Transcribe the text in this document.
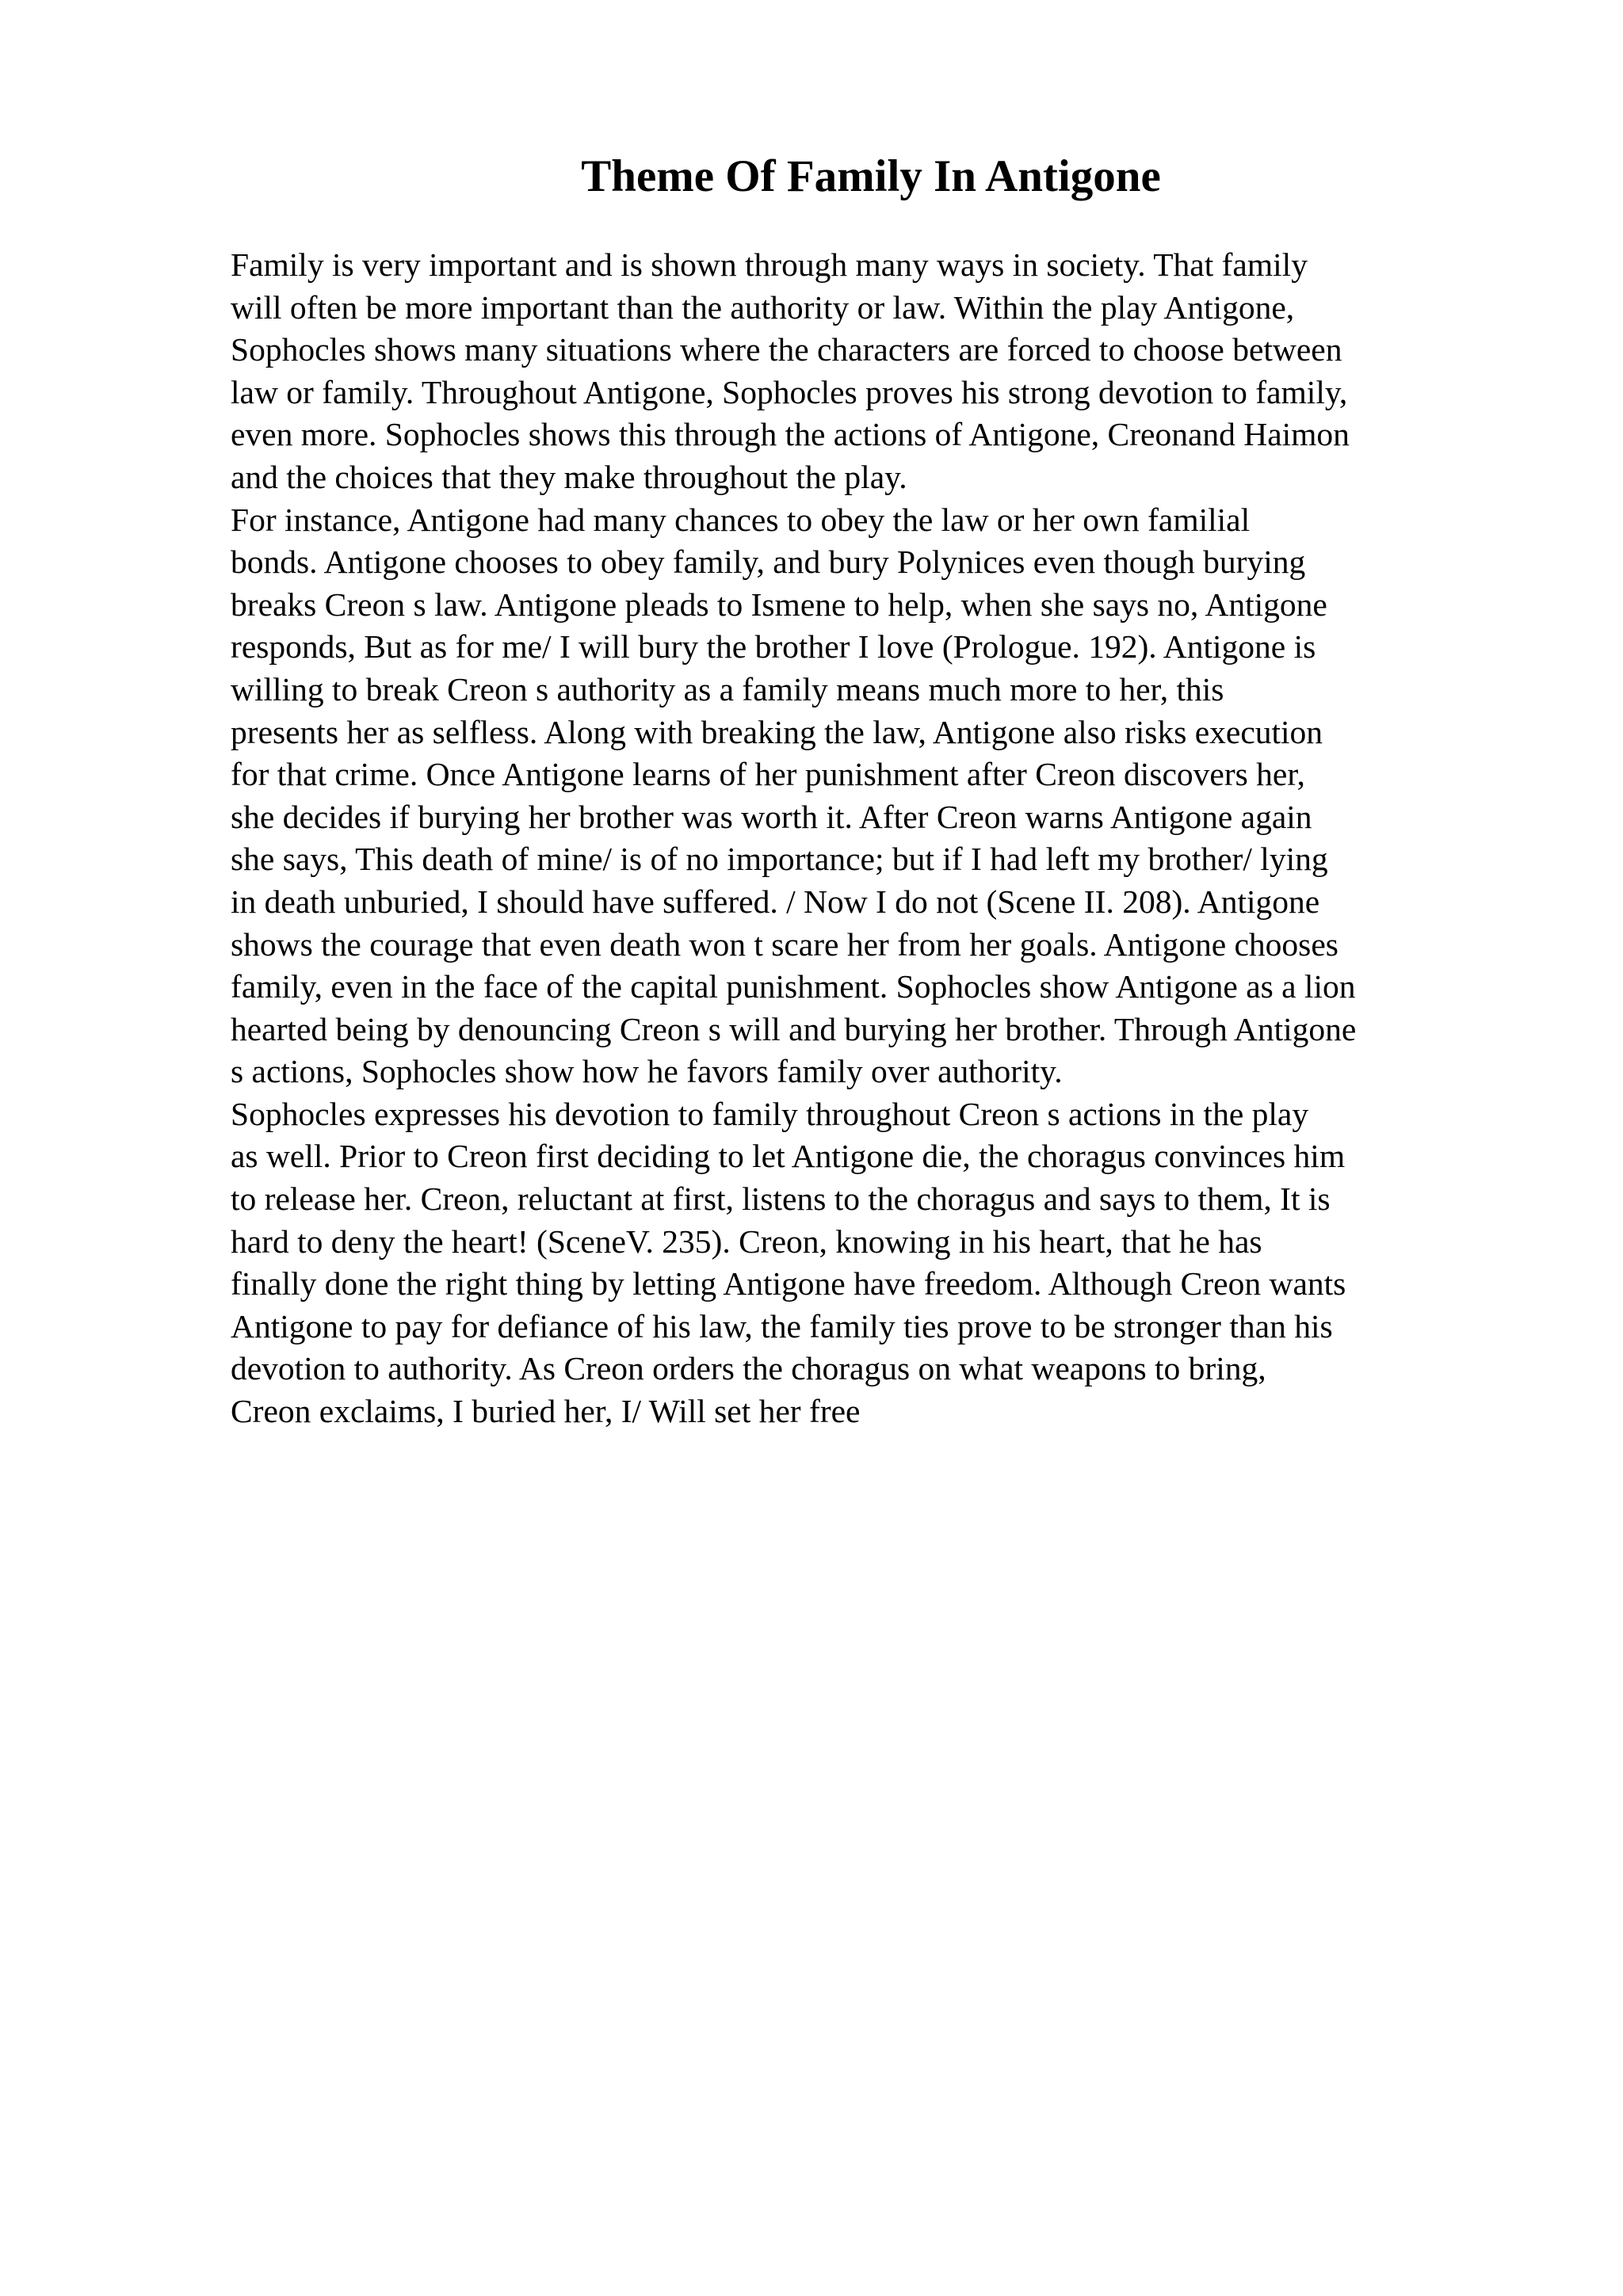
Theme Of Family In Antigone
Family is very important and is shown through many ways in society. That family
will often be more important than the authority or law. Within the play Antigone,
Sophocles shows many situations where the characters are forced to choose between
law or family. Throughout Antigone, Sophocles proves his strong devotion to family,
even more. Sophocles shows this through the actions of Antigone, Creonand Haimon
and the choices that they make throughout the play.
For instance, Antigone had many chances to obey the law or her own familial
bonds. Antigone chooses to obey family, and bury Polynices even though burying
breaks Creon s law. Antigone pleads to Ismene to help, when she says no, Antigone
responds, But as for me/ I will bury the brother I love (Prologue. 192). Antigone is
willing to break Creon s authority as a family means much more to her, this
presents her as selfless. Along with breaking the law, Antigone also risks execution
for that crime. Once Antigone learns of her punishment after Creon discovers her,
she decides if burying her brother was worth it. After Creon warns Antigone again
she says, This death of mine/ is of no importance; but if I had left my brother/ lying
in death unburied, I should have suffered. / Now I do not (Scene II. 208). Antigone
shows the courage that even death won t scare her from her goals. Antigone chooses
family, even in the face of the capital punishment. Sophocles show Antigone as a lion
hearted being by denouncing Creon s will and burying her brother. Through Antigone
s actions, Sophocles show how he favors family over authority.
Sophocles expresses his devotion to family throughout Creon s actions in the play
as well. Prior to Creon first deciding to let Antigone die, the choragus convinces him
to release her. Creon, reluctant at first, listens to the choragus and says to them, It is
hard to deny the heart! (SceneV. 235). Creon, knowing in his heart, that he has
finally done the right thing by letting Antigone have freedom. Although Creon wants
Antigone to pay for defiance of his law, the family ties prove to be stronger than his
devotion to authority. As Creon orders the choragus on what weapons to bring,
Creon exclaims, I buried her, I/ Will set her free
